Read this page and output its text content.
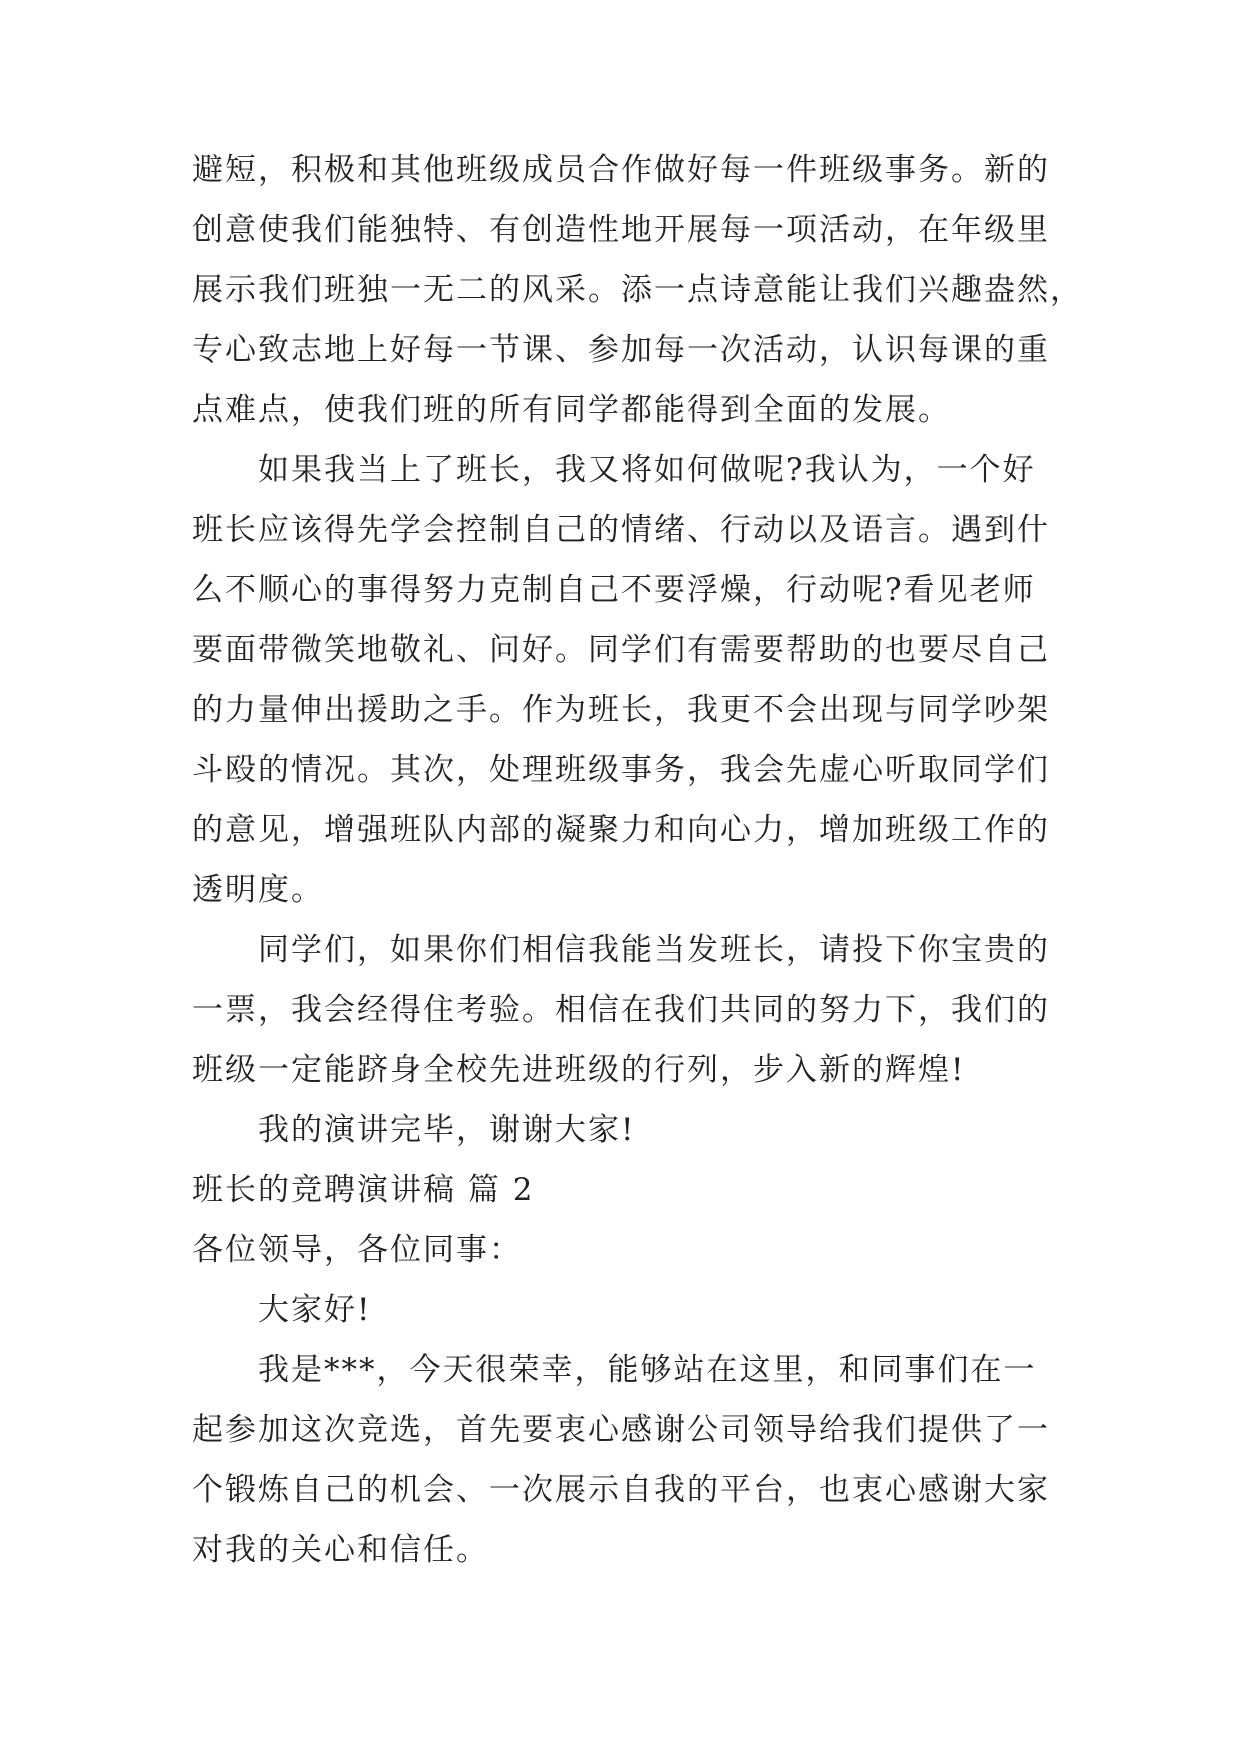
避短，积极和其他班级成员合作做好每一件班级事务。新的
创意使我们能独特、有创造性地开展每一项活动，在年级里
展示我们班独一无二的风采。添一点诗意能让我们兴趣盎然，
专心致志地上好每一节课、参加每一次活动，认识每课的重
点难点，使我们班的所有同学都能得到全面的发展。
如果我当上了班长，我又将如何做呢?我认为，一个好
班长应该得先学会控制自己的情绪、行动以及语言。遇到什
么不顺心的事得努力克制自己不要浮燥，行动呢?看见老师
要面带微笑地敬礼、问好。同学们有需要帮助的也要尽自己
的力量伸出援助之手。作为班长，我更不会出现与同学吵架
斗殴的情况。其次，处理班级事务，我会先虚心听取同学们
的意见，增强班队内部的凝聚力和向心力，增加班级工作的
透明度。
同学们，如果你们相信我能当发班长，请投下你宝贵的
一票，我会经得住考验。相信在我们共同的努力下，我们的
班级一定能跻身全校先进班级的行列，步入新的辉煌!
我的演讲完毕，谢谢大家!
班长的竞聘演讲稿 篇 2
各位领导，各位同事：
大家好!
我是***，今天很荣幸，能够站在这里，和同事们在一
起参加这次竞选，首先要衷心感谢公司领导给我们提供了一
个锻炼自己的机会、一次展示自我的平台，也衷心感谢大家
对我的关心和信任。
